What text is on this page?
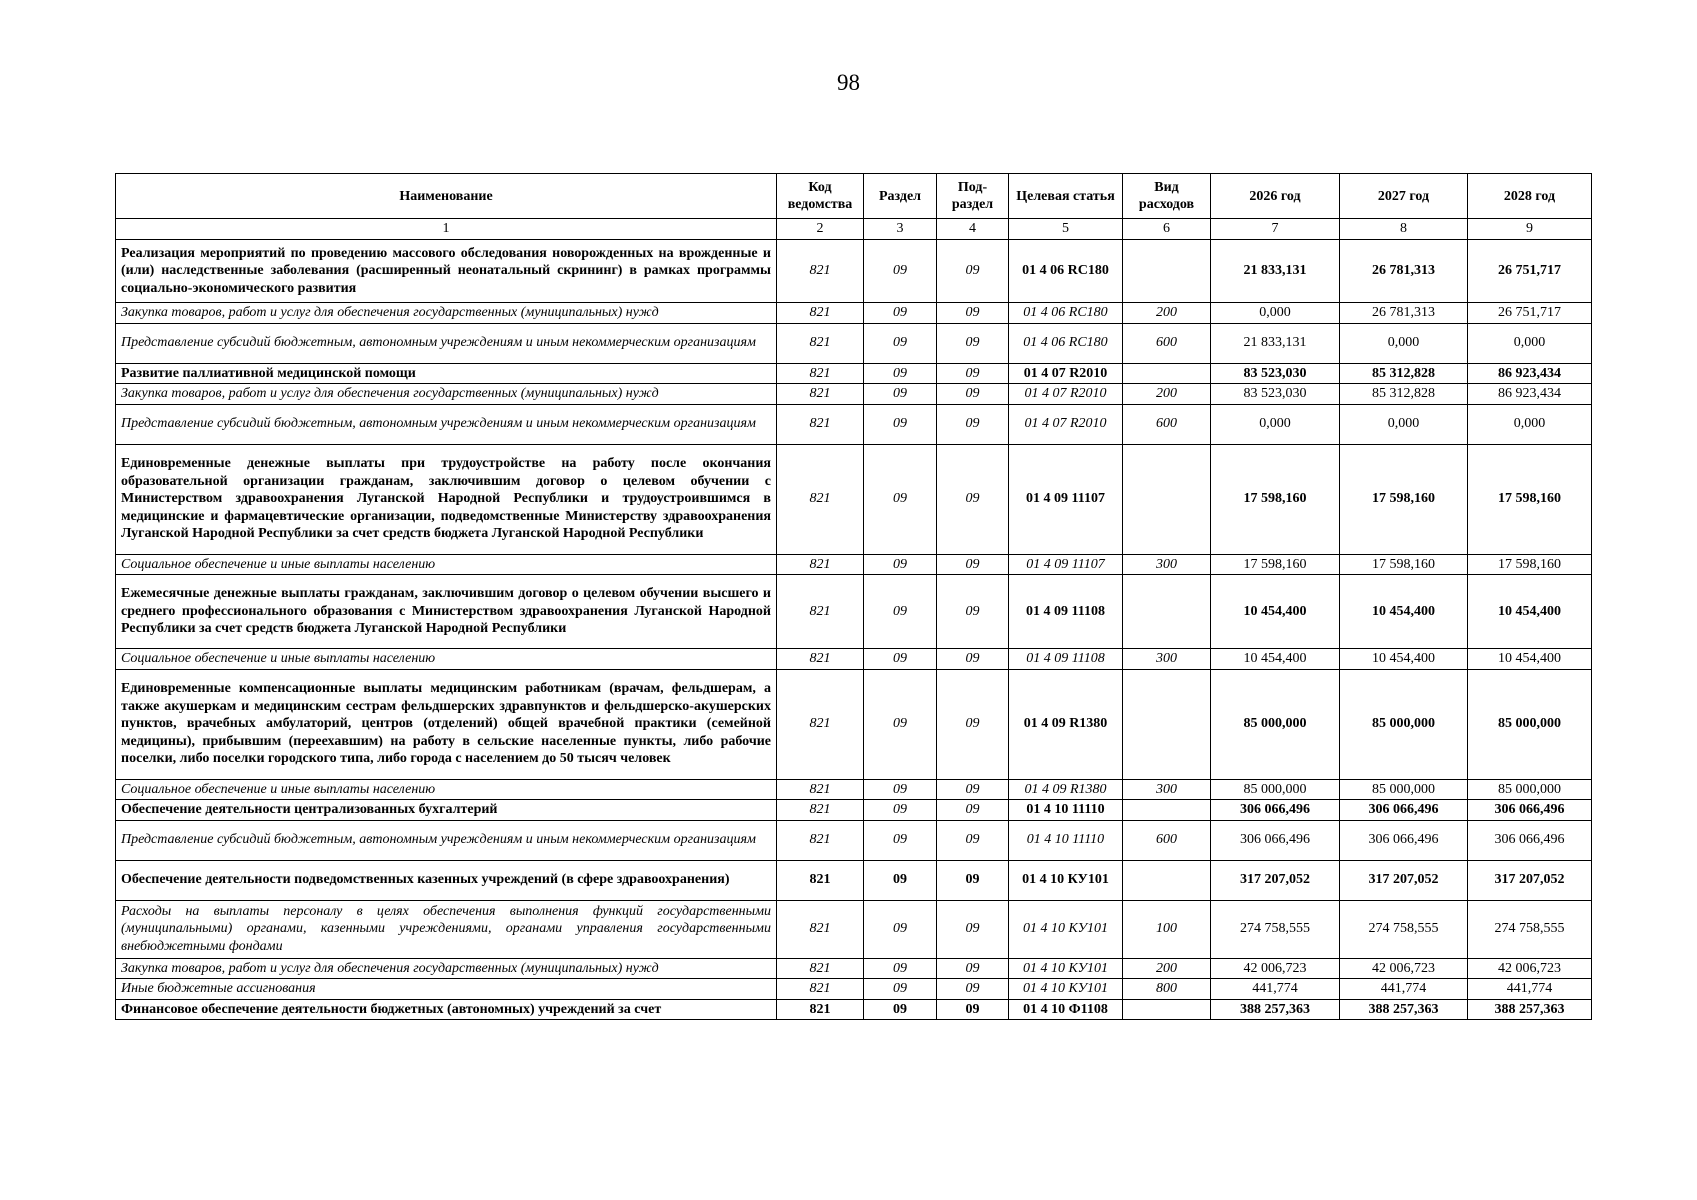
98
Наименование	Код ведомства	Раздел	Под-раздел	Целевая статья	Вид расходов	2026 год	2027 год	2028 год
1	2	3	4	5	6	7	8	9
Реализация мероприятий по проведению массового обследования новорожденных на врожденные и (или) наследственные заболевания (расширенный неонатальный скрининг) в рамках программы социально-экономического развития	821	09	09	01 4 06 RC180		21 833,131	26 781,313	26 751,717
Закупка товаров, работ и услуг для обеспечения государственных (муниципальных) нужд	821	09	09	01 4 06 RC180	200	0,000	26 781,313	26 751,717
Представление субсидий бюджетным, автономным учреждениям и иным некоммерческим организациям	821	09	09	01 4 06 RC180	600	21 833,131	0,000	0,000
Развитие паллиативной медицинской помощи	821	09	09	01 4 07 R2010		83 523,030	85 312,828	86 923,434
Закупка товаров, работ и услуг для обеспечения государственных (муниципальных) нужд	821	09	09	01 4 07 R2010	200	83 523,030	85 312,828	86 923,434
Представление субсидий бюджетным, автономным учреждениям и иным некоммерческим организациям	821	09	09	01 4 07 R2010	600	0,000	0,000	0,000
Единовременные денежные выплаты при трудоустройстве на работу после окончания образовательной организации гражданам, заключившим договор о целевом обучении с Министерством здравоохранения Луганской Народной Республики и трудоустроившимся в медицинские и фармацевтические организации, подведомственные Министерству здравоохранения Луганской Народной Республики за счет средств бюджета Луганской Народной Республики	821	09	09	01 4 09 11107		17 598,160	17 598,160	17 598,160
Социальное обеспечение и иные выплаты населению	821	09	09	01 4 09 11107	300	17 598,160	17 598,160	17 598,160
Ежемесячные денежные выплаты гражданам, заключившим договор о целевом обучении высшего и среднего профессионального образования с Министерством здравоохранения Луганской Народной Республики за счет средств бюджета Луганской Народной Республики	821	09	09	01 4 09 11108		10 454,400	10 454,400	10 454,400
Социальное обеспечение и иные выплаты населению	821	09	09	01 4 09 11108	300	10 454,400	10 454,400	10 454,400
Единовременные компенсационные выплаты медицинским работникам (врачам, фельдшерам, а также акушеркам и медицинским сестрам фельдшерских здравпунктов и фельдшерско-акушерских пунктов, врачебных амбулаторий, центров (отделений) общей врачебной практики (семейной медицины), прибывшим (переехавшим) на работу в сельские населенные пункты, либо рабочие поселки, либо поселки городского типа, либо города с населением до 50 тысяч человек	821	09	09	01 4 09 R1380		85 000,000	85 000,000	85 000,000
Социальное обеспечение и иные выплаты населению	821	09	09	01 4 09 R1380	300	85 000,000	85 000,000	85 000,000
Обеспечение деятельности централизованных бухгалтерий	821	09	09	01 4 10 11110		306 066,496	306 066,496	306 066,496
Представление субсидий бюджетным, автономным учреждениям и иным некоммерческим организациям	821	09	09	01 4 10 11110	600	306 066,496	306 066,496	306 066,496
Обеспечение деятельности подведомственных казенных учреждений (в сфере здравоохранения)	821	09	09	01 4 10 КУ101		317 207,052	317 207,052	317 207,052
Расходы на выплаты персоналу в целях обеспечения выполнения функций государственными (муниципальными) органами, казенными учреждениями, органами управления государственными внебюджетными фондами	821	09	09	01 4 10 КУ101	100	274 758,555	274 758,555	274 758,555
Закупка товаров, работ и услуг для обеспечения государственных (муниципальных) нужд	821	09	09	01 4 10 КУ101	200	42 006,723	42 006,723	42 006,723
Иные бюджетные ассигнования	821	09	09	01 4 10 КУ101	800	441,774	441,774	441,774
Финансовое обеспечение деятельности бюджетных (автономных) учреждений за счет	821	09	09	01 4 10 Ф1108		388 257,363	388 257,363	388 257,363
